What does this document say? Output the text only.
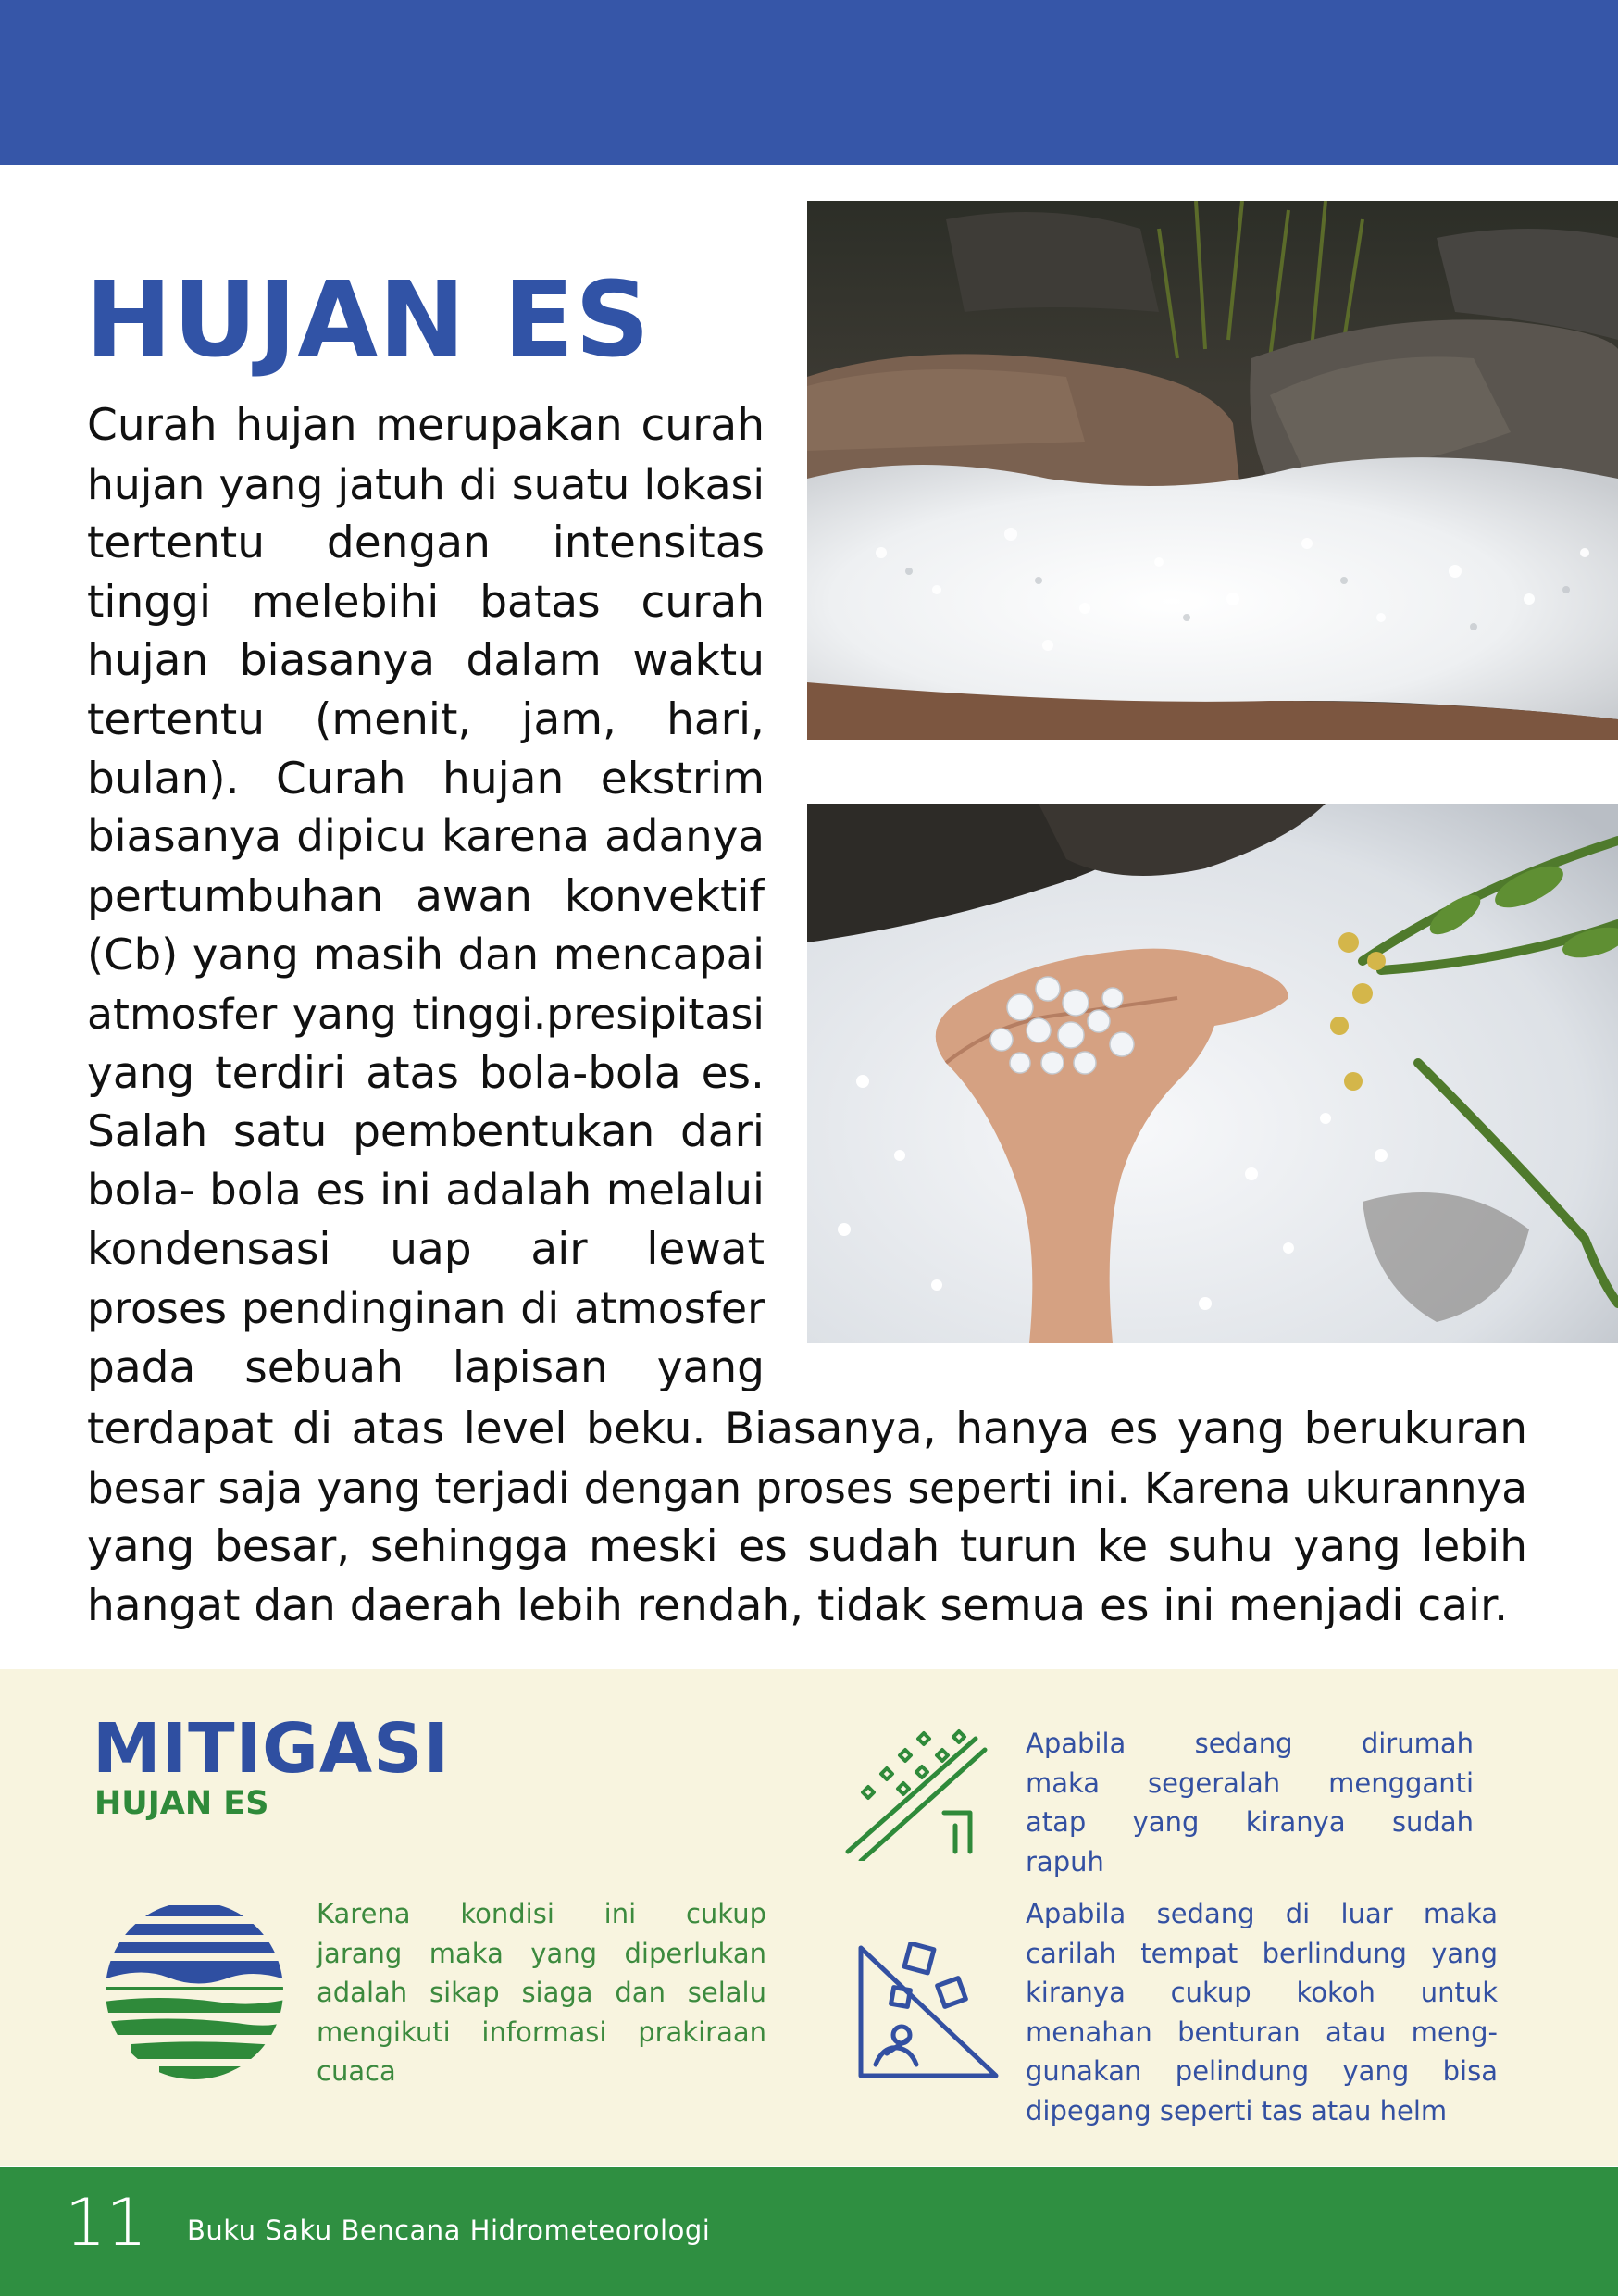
HUJAN ES
Curah hujan merupakan curah
hujan yang jatuh di suatu lokasi
tertentu dengan intensitas
tinggi melebihi batas curah
hujan biasanya dalam waktu
tertentu (menit, jam, hari,
bulan). Curah hujan ekstrim
biasanya dipicu karena adanya
pertumbuhan awan konvektif
(Cb) yang masih dan mencapai
atmosfer yang tinggi.presipitasi
yang terdiri atas bola-bola es.
Salah satu pembentukan dari
bola- bola es ini adalah melalui
kondensasi uap air lewat
proses pendinginan di atmosfer
pada sebuah lapisan yang
terdapat di atas level beku. Biasanya, hanya es yang berukuran
besar saja yang terjadi dengan proses seperti ini. Karena ukurannya
yang besar, sehingga meski es sudah turun ke suhu yang lebih
hangat dan daerah lebih rendah, tidak semua es ini menjadi cair.
MITIGASI
HUJAN ES
Karena kondisi ini cukup
jarang maka yang diperlukan
adalah sikap siaga dan selalu
mengikuti informasi prakiraan
cuaca
Apabila sedang dirumah
maka segeralah mengganti
atap yang kiranya sudah
rapuh
Apabila sedang di luar maka
carilah tempat berlindung yang
kiranya cukup kokoh untuk
menahan benturan atau meng-
gunakan pelindung yang bisa
dipegang seperti tas atau helm
11 Buku Saku Bencana Hidrometeorologi
